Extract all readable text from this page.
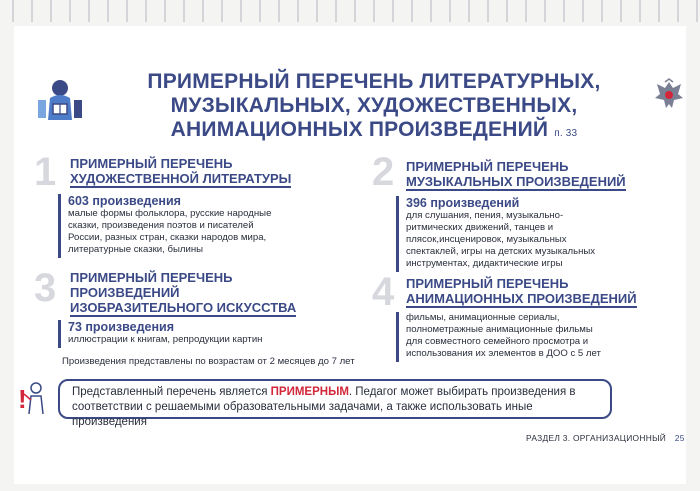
ПРИМЕРНЫЙ ПЕРЕЧЕНЬ ЛИТЕРАТУРНЫХ,
МУЗЫКАЛЬНЫХ, ХУДОЖЕСТВЕННЫХ,
АНИМАЦИОННЫХ ПРОИЗВЕДЕНИЙ п. 33
1 ПРИМЕРНЫЙ ПЕРЕЧЕНЬ
ХУДОЖЕСТВЕННОЙ ЛИТЕРАТУРЫ
603 произведения
малые формы фольклора, русские народные
сказки, произведения поэтов и писателей
России, разных стран, сказки народов мира,
литературные сказки, былины
2 ПРИМЕРНЫЙ ПЕРЕЧЕНЬ
МУЗЫКАЛЬНЫХ ПРОИЗВЕДЕНИЙ
396 произведений
для слушания, пения, музыкально-
ритмических движений, танцев и
плясок,инсценировок, музыкальных
спектаклей, игры на детских музыкальных
инструментах, дидактические игры
3 ПРИМЕРНЫЙ ПЕРЕЧЕНЬ
ПРОИЗВЕДЕНИЙ
ИЗОБРАЗИТЕЛЬНОГО ИСКУССТВА
73 произведения
иллюстрации к книгам, репродукции картин
4 ПРИМЕРНЫЙ ПЕРЕЧЕНЬ
АНИМАЦИОННЫХ ПРОИЗВЕДЕНИЙ
фильмы, анимационные сериалы,
полнометражные анимационные фильмы
для совместного семейного просмотра и
использования их элементов в ДОО с 5 лет
Произведения представлены по возрастам от 2 месяцев до 7 лет
!	Представленный перечень является ПРИМЕРНЫМ. Педагог может выбирать произведения в соответствии с решаемыми образовательными задачами, а также использовать иные произведения
РАЗДЕЛ 3. ОРГАНИЗАЦИОННЫЙ 25
